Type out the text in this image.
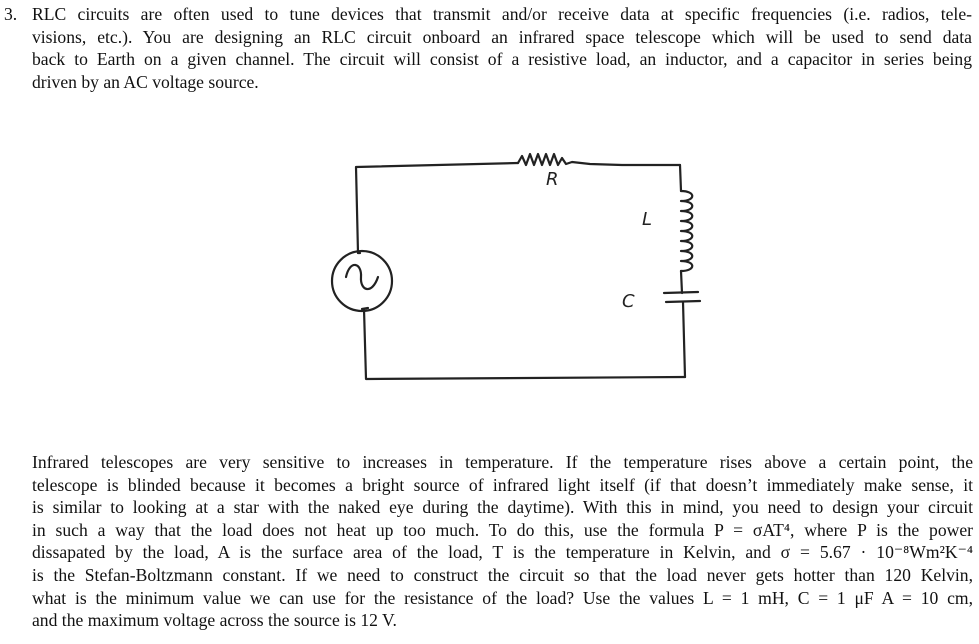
3. RLC circuits are often used to tune devices that transmit and/or receive data at specific frequencies (i.e. radios, tele-
visions, etc.). You are designing an RLC circuit onboard an infrared space telescope which will be used to send data
back to Earth on a given channel. The circuit will consist of a resistive load, an inductor, and a capacitor in series being
driven by an AC voltage source.
R
L
C
Infrared telescopes are very sensitive to increases in temperature. If the temperature rises above a certain point, the
telescope is blinded because it becomes a bright source of infrared light itself (if that doesn’t immediately make sense, it
is similar to looking at a star with the naked eye during the daytime). With this in mind, you need to design your circuit
in such a way that the load does not heat up too much. To do this, use the formula P = σAT⁴, where P is the power
dissapated by the load, A is the surface area of the load, T is the temperature in Kelvin, and σ = 5.67 · 10⁻⁸Wm²K⁻⁴
is the Stefan-Boltzmann constant. If we need to construct the circuit so that the load never gets hotter than 120 Kelvin,
what is the minimum value we can use for the resistance of the load? Use the values L = 1 mH, C = 1 μF A = 10 cm,
and the maximum voltage across the source is 12 V.
